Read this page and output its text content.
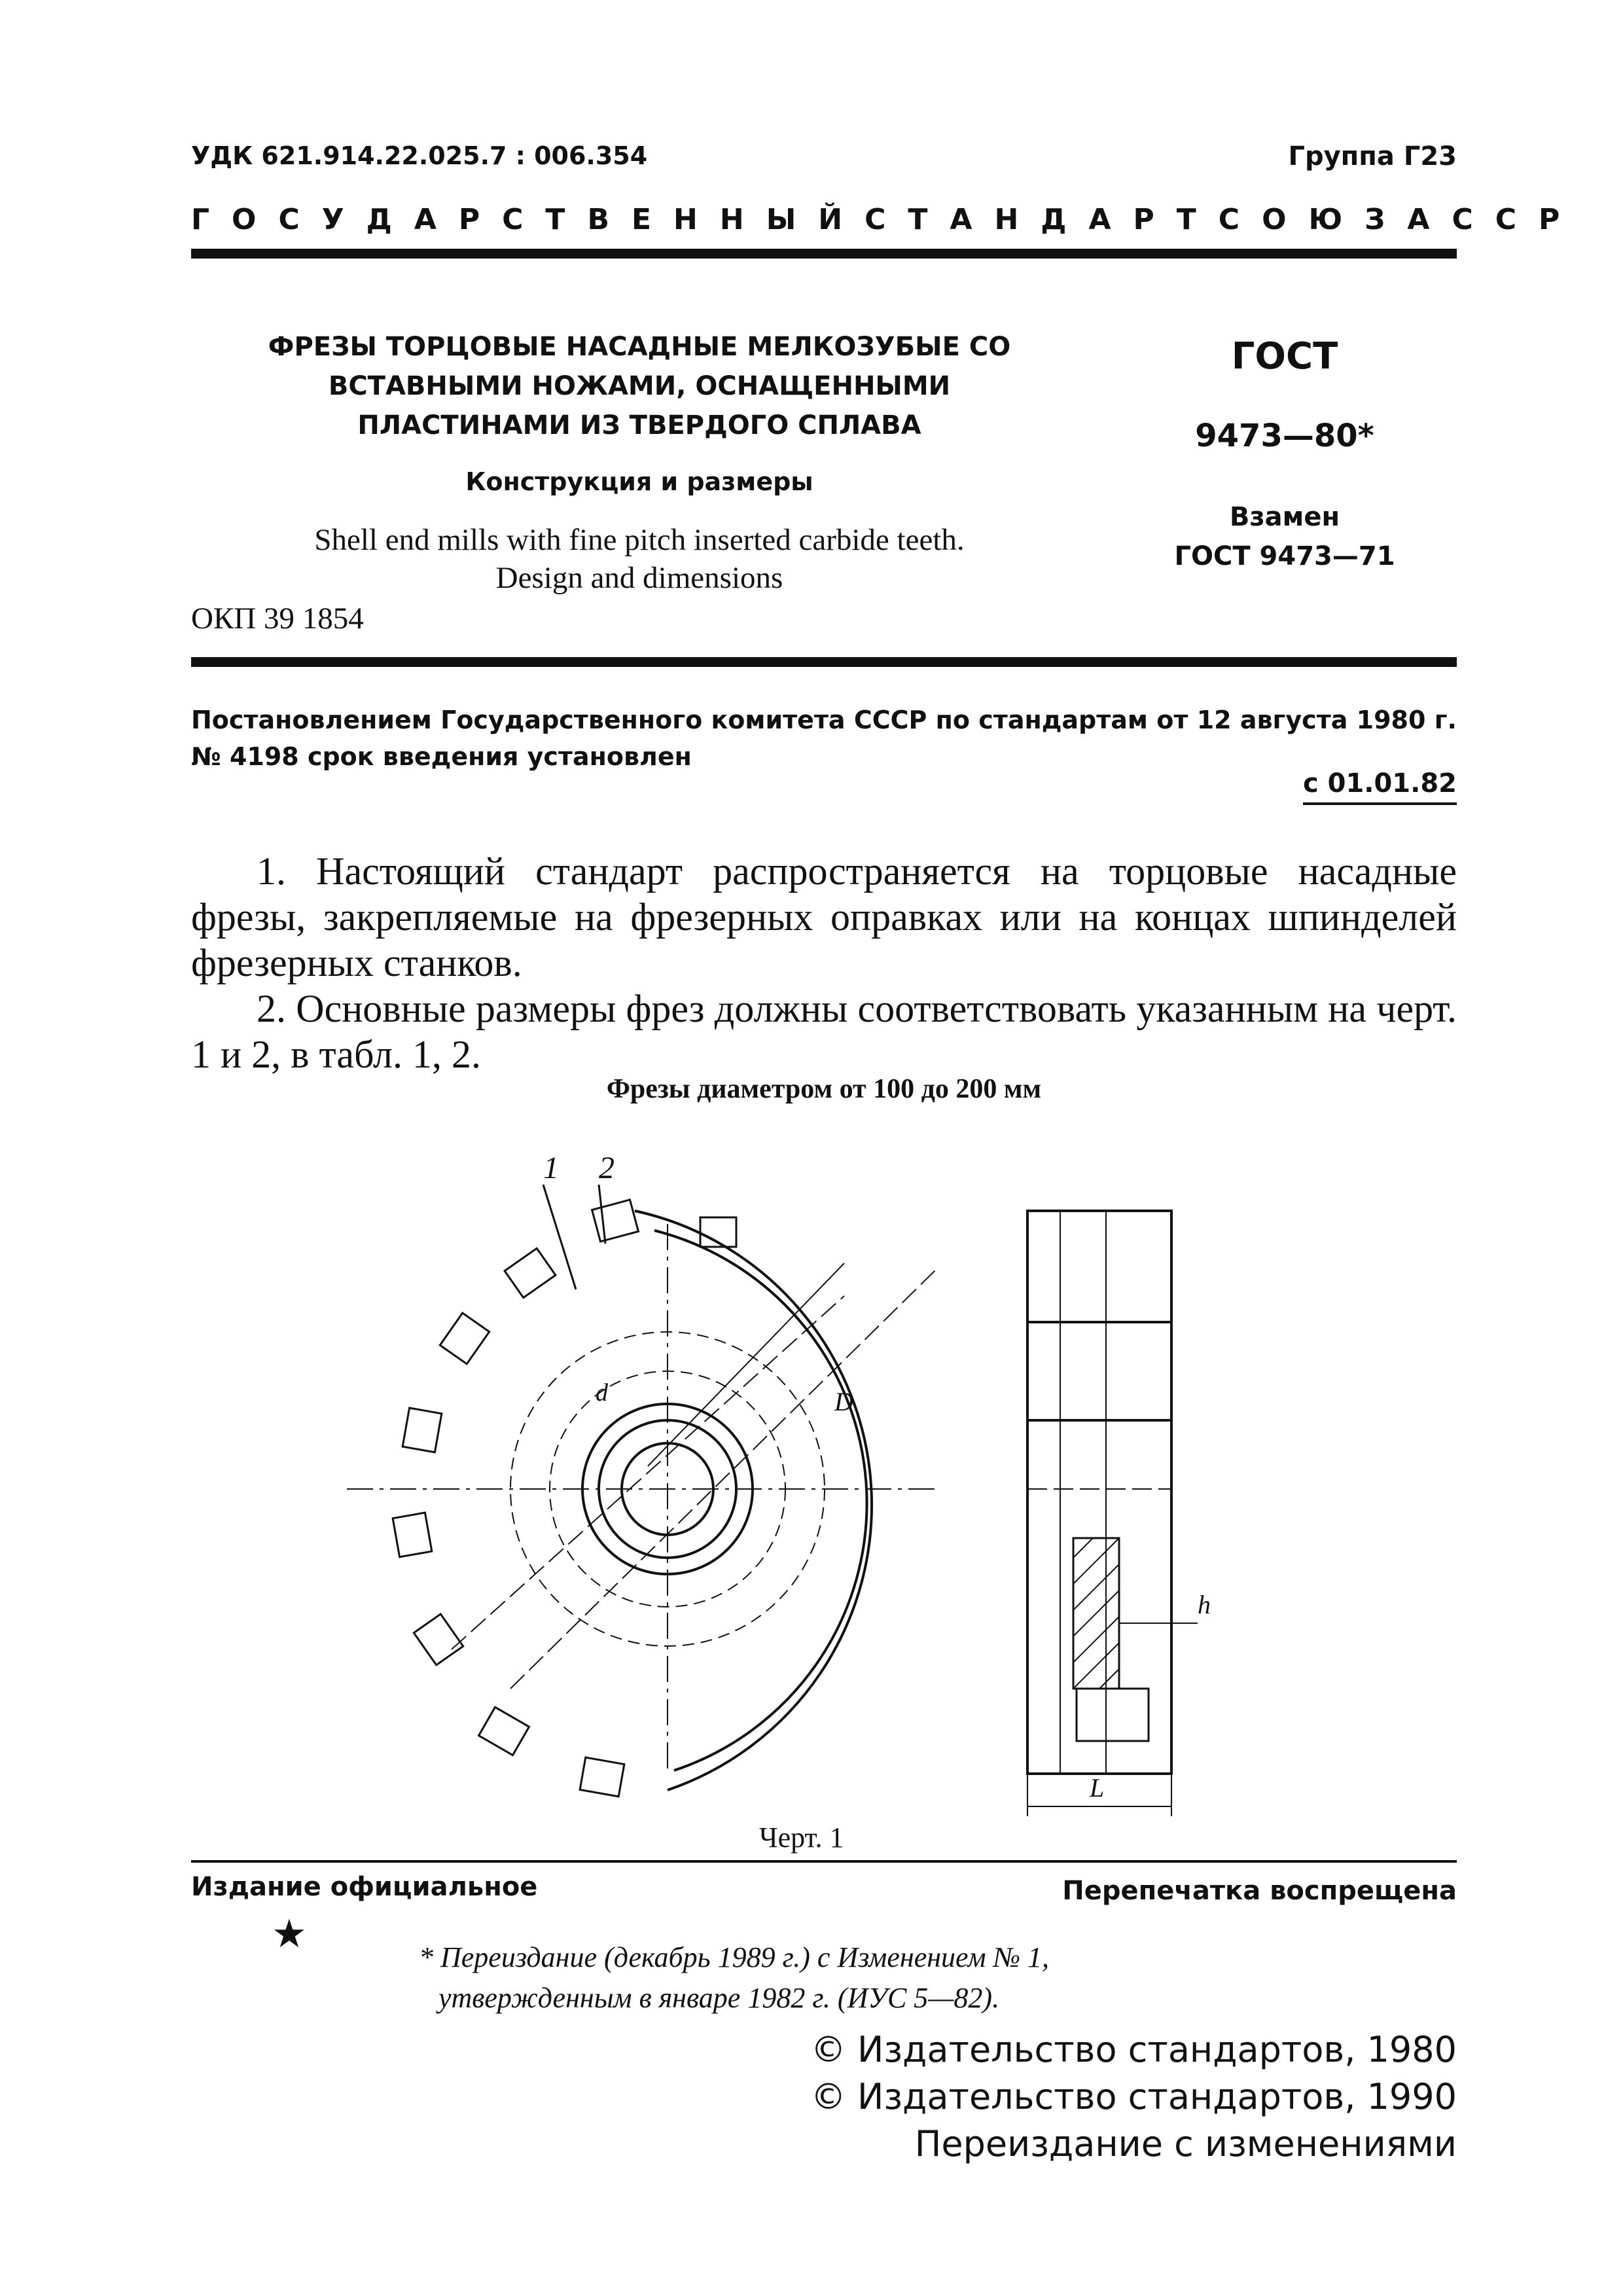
УДК 621.914.22.025.7 : 006.354	Группа Г23
ГОСУДАРСТВЕННЫЙ СТАНДАРТ СОЮЗА ССР
ФРЕЗЫ ТОРЦОВЫЕ НАСАДНЫЕ МЕЛКОЗУБЫЕ СО
ВСТАВНЫМИ НОЖАМИ, ОСНАЩЕННЫМИ
ПЛАСТИНАМИ ИЗ ТВЕРДОГО СПЛАВА
Конструкция и размеры
Shell end mills with fine pitch inserted carbide teeth.
Design and dimensions
ОКП 39 1854
ГОСТ
9473—80*
Взамен
ГОСТ 9473—71
Постановлением Государственного комитета СССР по стандартам от 12 августа 1980 г. № 4198 срок введения установлен
с 01.01.82

1. Настоящий стандарт распространяется на торцовые насадные фрезы, закрепляемые на фрезерных оправках или на концах шпинделей фрезерных станков.

2. Основные размеры фрез должны соответствовать указанным на черт. 1 и 2, в табл. 1, 2.

Фрезы диаметром от 100 до 200 мм
1 2
d	D
h
L
Черт. 1
Издание официальное
★
Перепечатка воспрещена
* Переиздание (декабрь 1989 г.) с Изменением № 1,
утвержденным в январе 1982 г. (ИУС 5—82).
© Издательство стандартов, 1980
© Издательство стандартов, 1990
Переиздание с изменениями
